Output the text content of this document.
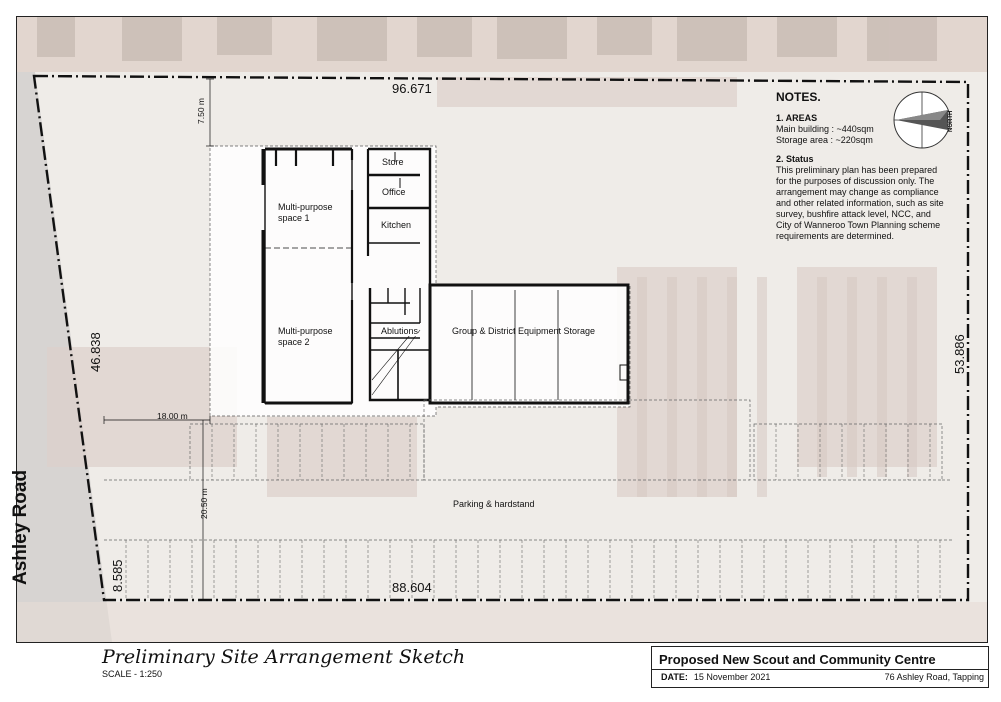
NORTH
96.671
88.604
46.838	53.886
8.585
7.50 m
18.00 m
20.50 m
Store
Office
Kitchen
Multi-purpose
space 1
Multi-purpose
space 2
Ablutions	Group & District Equipment Storage
Parking & hardstand
NOTES.
1. AREAS
Main building : ~440sqm
Storage area : ~220sqm
2. Status
This preliminary plan has been prepared for the purposes of discussion only. The arrangement may change as compliance and other related information, such as site survey, bushfire attack level, NCC, and City of Wanneroo Town Planning scheme requirements are determined.
Ashley Road
Preliminary Site Arrangement Sketch
SCALE - 1:250
Proposed New Scout and Community Centre
DATE: 15 November 2021	76 Ashley Road, Tapping
